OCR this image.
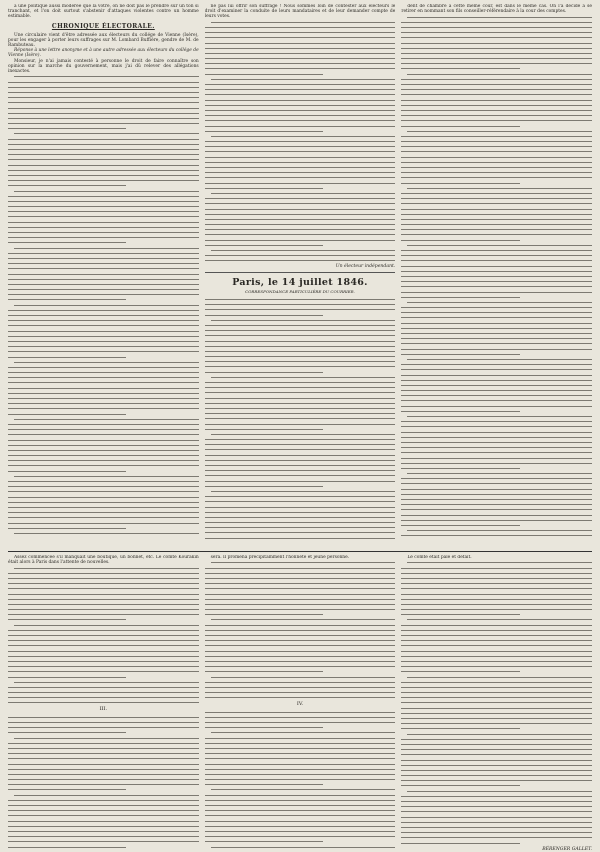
à une politique aussi modérée que la vôtre, on ne doit pas le prendre sur un ton si tranchant, et l'on doit surtout s'abstenir d'attaques violentes contre un homme estimable.

CHRONIQUE ÉLECTORALE.

Une circulaire vient d'être adressée aux électeurs du collége de Vienne (Isère), pour les engager à porter leurs suffrages sur M. Lombard Buffière, gendre de M. de Rambuteau.

Réponse à une lettre anonyme et à une autre adressée aux électeurs du collége de Vienne (Isère).

Monsieur, je n'ai jamais contesté à personne le droit de faire connaître son opinion sur la marche du gouvernement, mais j'ai dû relever des allégations inexactes.

ne pas lui offrir son suffrage ! Nous sommes loin de contester aux électeurs le droit d'examiner la conduite de leurs mandataires et de leur demander compte de leurs votes.

Un électeur indépendant.
Paris, le 14 juillet 1846.
CORRESPONDANCE PARTICULIÈRE DU COURRIER.

dent de chambre à cette même cour, est dans le même cas. On l'a décidé à se retirer en nommant son fils conseiller-référendaire à la cour des comptes.

Assez commencée s'il manquait une boutique, un bonnet, etc. Le comte Kourakin était alors à Paris dans l'attente de nouvelles.

III.

sera. Il promena précipitamment l'honnête et jeune personne.

IV.

Le comte était pâle et défait.

BÉRENGER GALLET.
